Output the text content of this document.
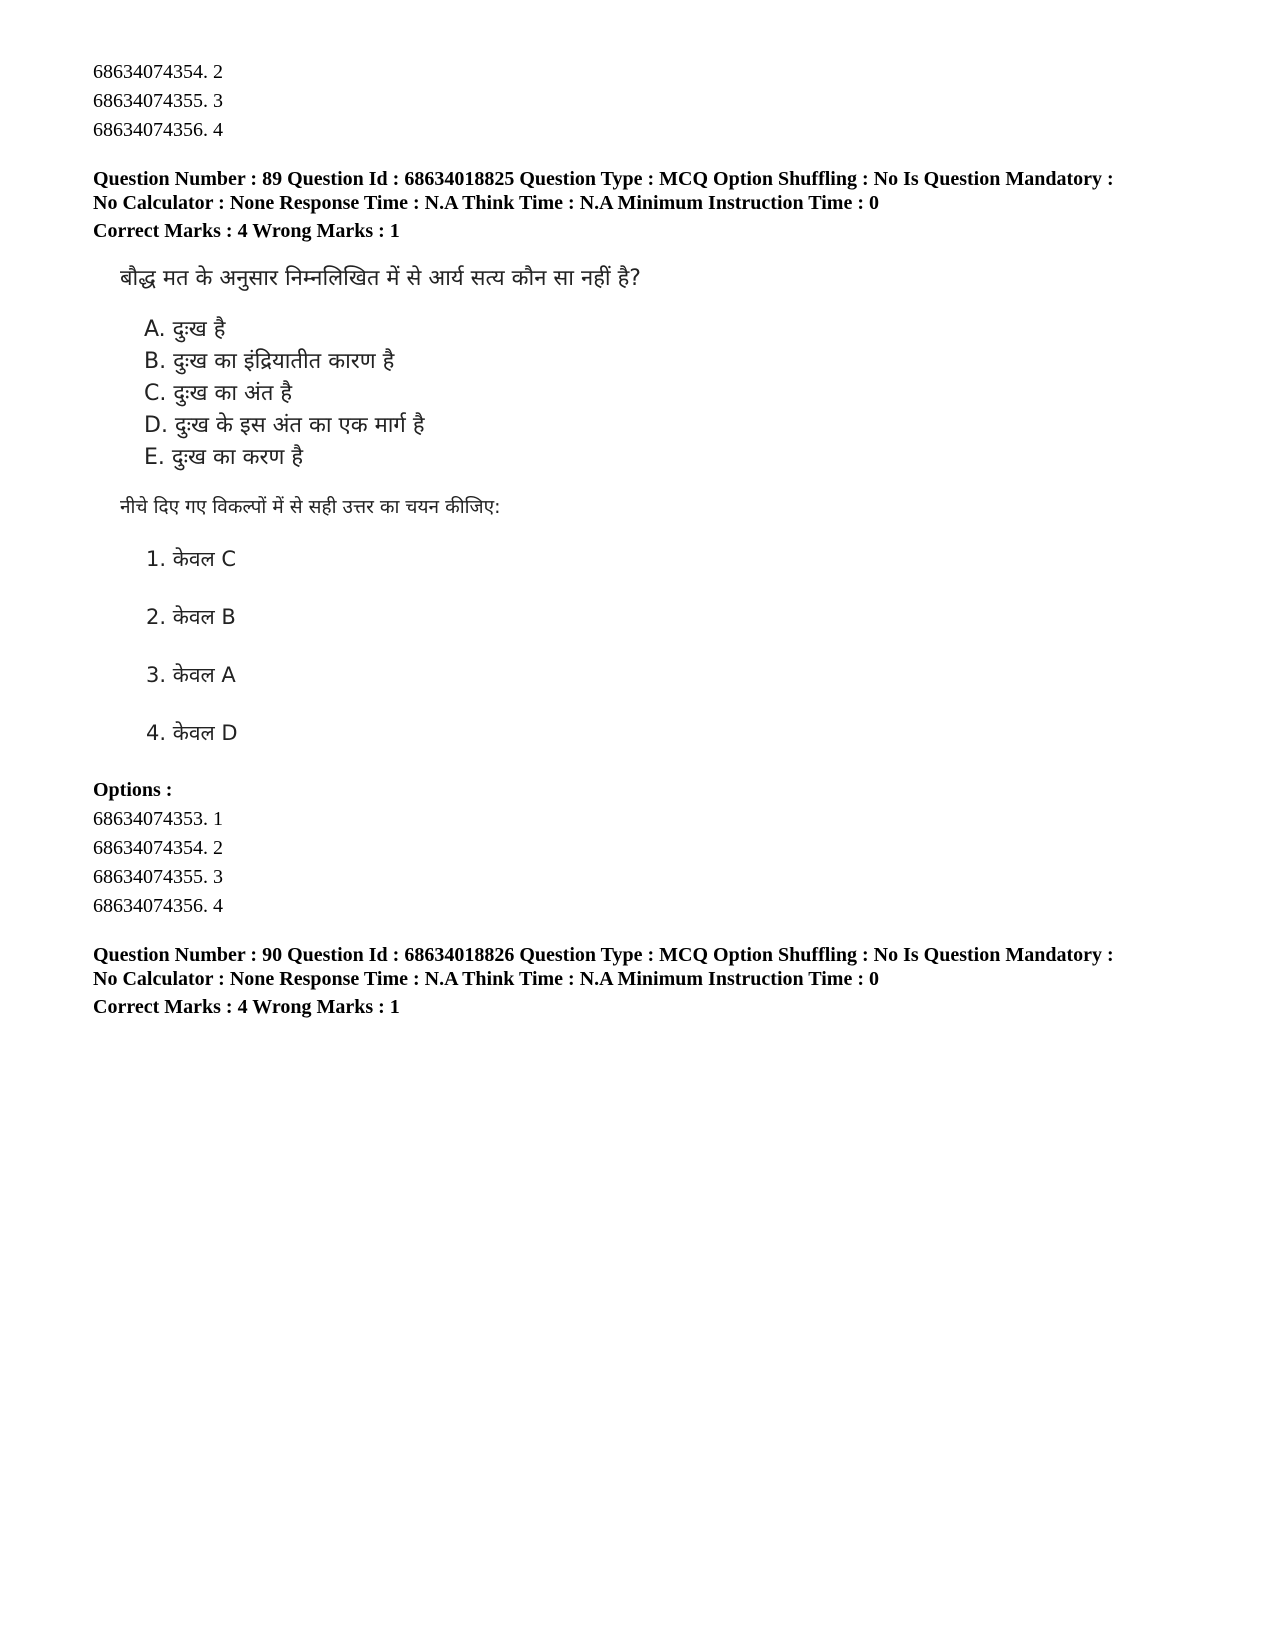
68634074354. 2
68634074355. 3
68634074356. 4
Question Number : 89 Question Id : 68634018825 Question Type : MCQ Option Shuffling : No Is Question Mandatory :
No Calculator : None Response Time : N.A Think Time : N.A Minimum Instruction Time : 0
Correct Marks : 4 Wrong Marks : 1
बौद्ध मत के अनुसार निम्नलिखित में से आर्य सत्य कौन सा नहीं है?
A. दुःख है
B. दुःख का इंद्रियातीत कारण है
C. दुःख का अंत है
D. दुःख के इस अंत का एक मार्ग है
E. दुःख का करण है
नीचे दिए गए विकल्पों में से सही उत्तर का चयन कीजिए:
1. केवल C
2. केवल B
3. केवल A
4. केवल D
Options :
68634074353. 1
68634074354. 2
68634074355. 3
68634074356. 4
Question Number : 90 Question Id : 68634018826 Question Type : MCQ Option Shuffling : No Is Question Mandatory :
No Calculator : None Response Time : N.A Think Time : N.A Minimum Instruction Time : 0
Correct Marks : 4 Wrong Marks : 1
